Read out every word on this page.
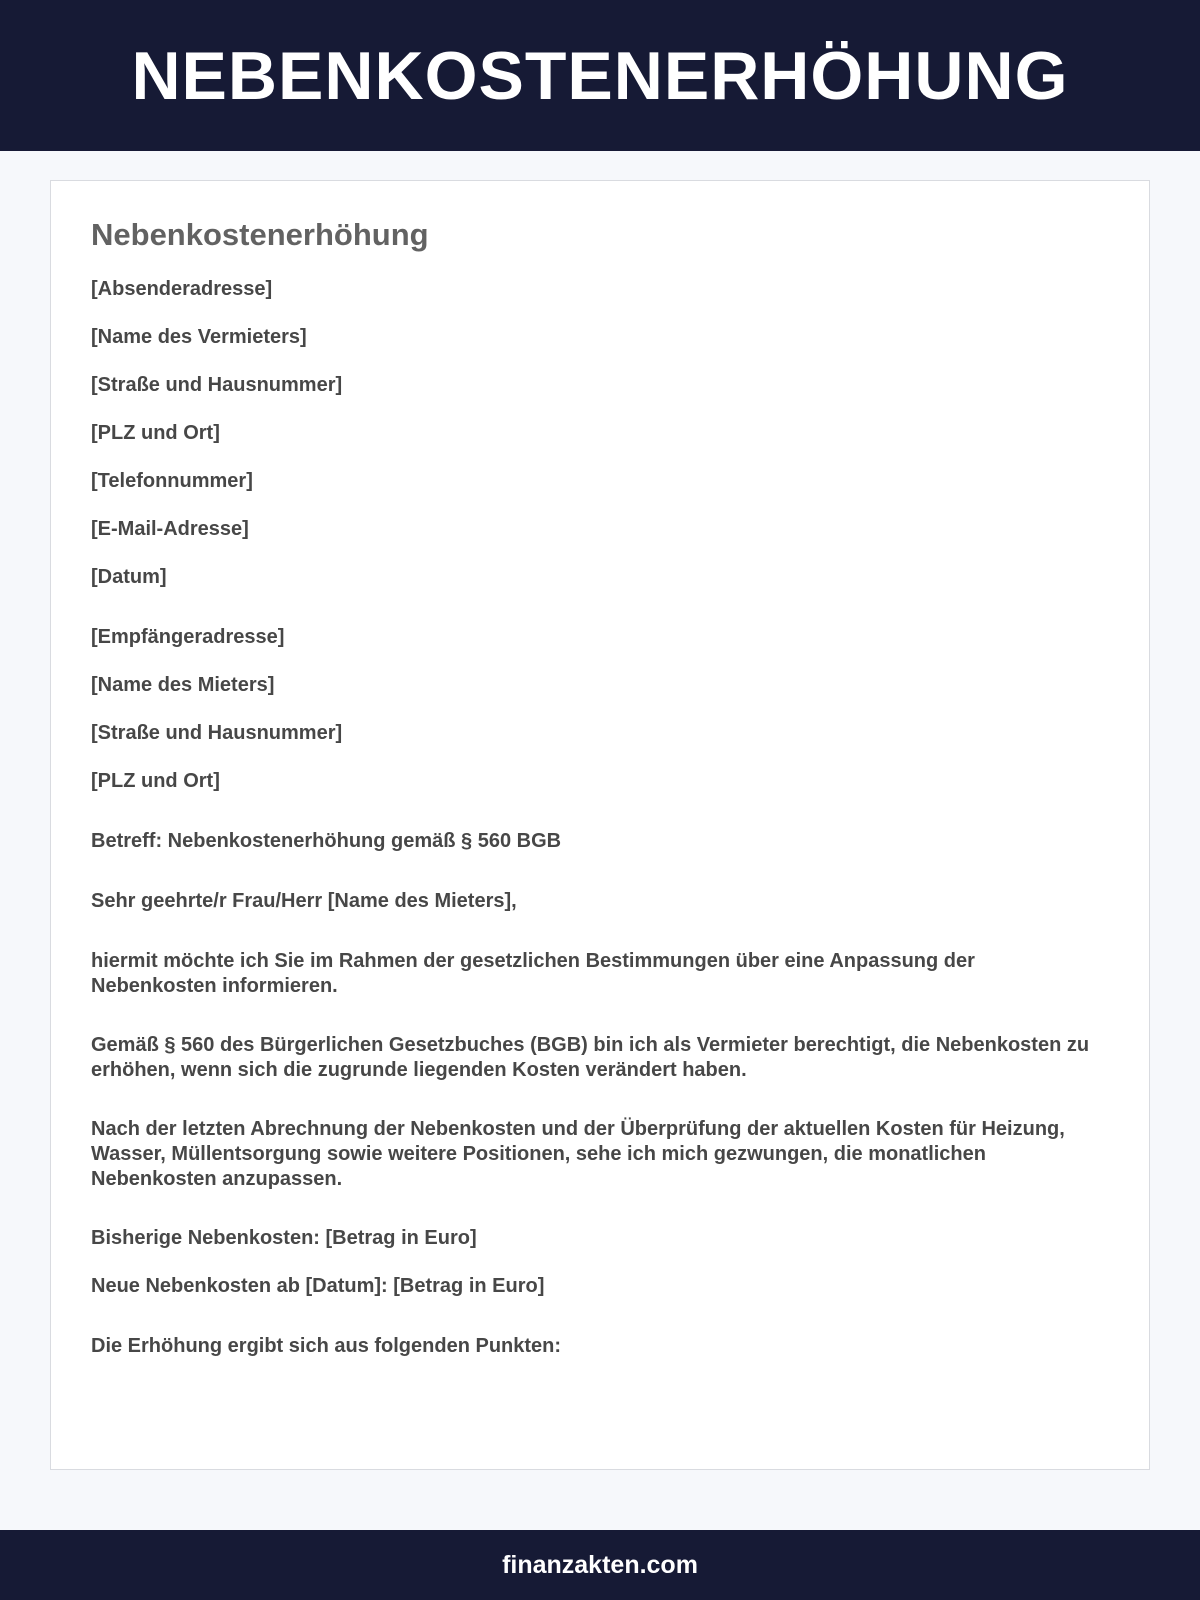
NEBENKOSTENERHÖHUNG
Nebenkostenerhöhung

[Absenderadresse]

[Name des Vermieters]

[Straße und Hausnummer]

[PLZ und Ort]

[Telefonnummer]

[E-Mail-Adresse]

[Datum]

[Empfängeradresse]

[Name des Mieters]

[Straße und Hausnummer]

[PLZ und Ort]

Betreff: Nebenkostenerhöhung gemäß § 560 BGB

Sehr geehrte/r Frau/Herr [Name des Mieters],

hiermit möchte ich Sie im Rahmen der gesetzlichen Bestimmungen über eine Anpassung der Nebenkosten informieren.

Gemäß § 560 des Bürgerlichen Gesetzbuches (BGB) bin ich als Vermieter berechtigt, die Nebenkosten zu erhöhen, wenn sich die zugrunde liegenden Kosten verändert haben.

Nach der letzten Abrechnung der Nebenkosten und der Überprüfung der aktuellen Kosten für Heizung, Wasser, Müllentsorgung sowie weitere Positionen, sehe ich mich gezwungen, die monatlichen Nebenkosten anzupassen.

Bisherige Nebenkosten: [Betrag in Euro]

Neue Nebenkosten ab [Datum]: [Betrag in Euro]

Die Erhöhung ergibt sich aus folgenden Punkten:

finanzakten.com
